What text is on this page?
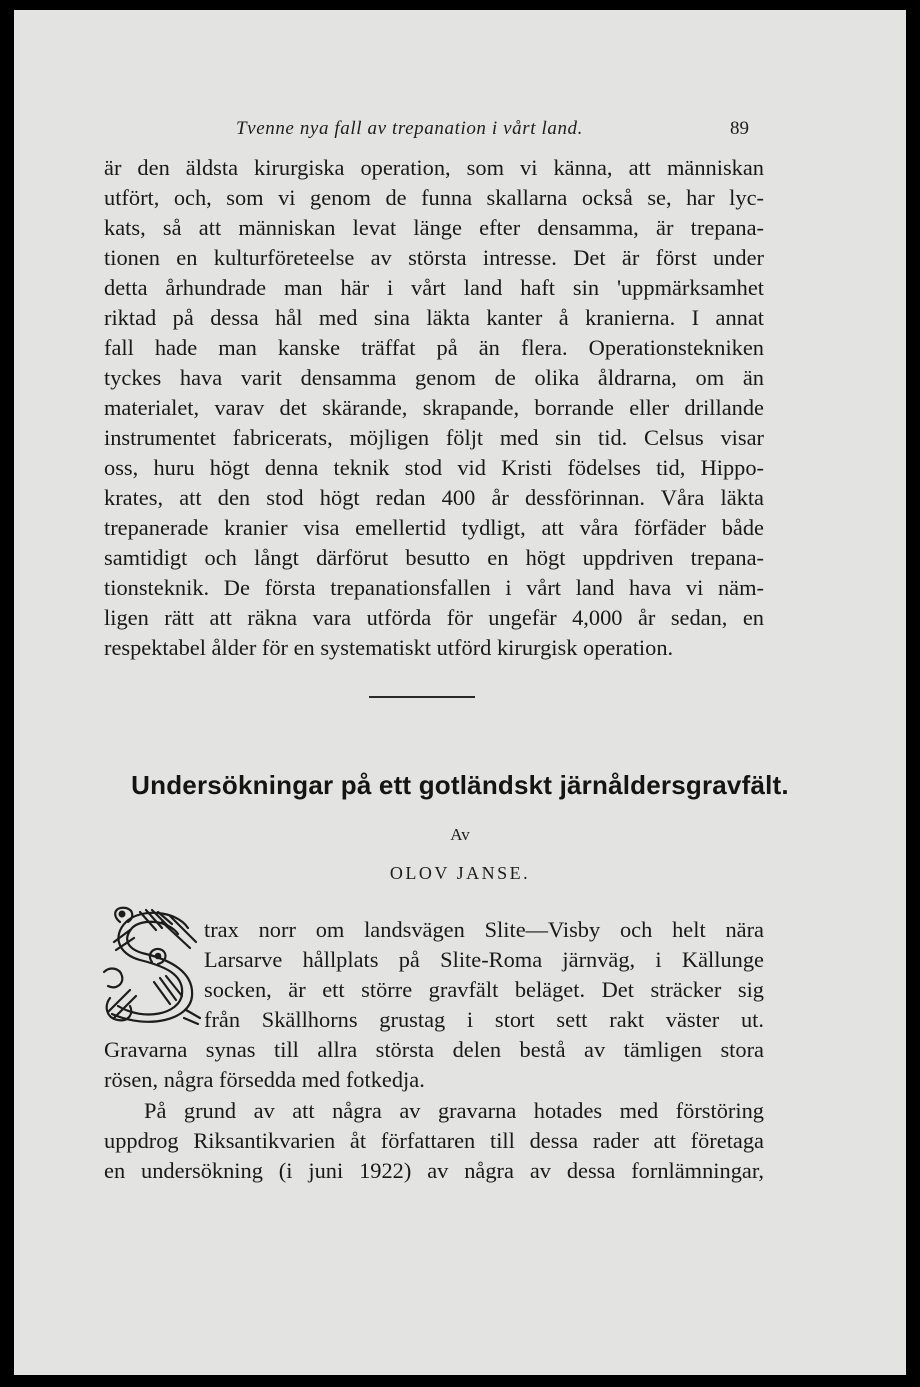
Tvenne nya fall av trepanation i vårt land.	89
är den äldsta kirurgiska operation, som vi känna, att människan
utfört, och, som vi genom de funna skallarna också se, har lyc-
kats, så att människan levat länge efter densamma, är trepana-
tionen en kulturföreteelse av största intresse. Det är först under
detta århundrade man här i vårt land haft sin 'uppmärksamhet
riktad på dessa hål med sina läkta kanter å kranierna. I annat
fall hade man kanske träffat på än flera. Operationstekniken
tyckes hava varit densamma genom de olika åldrarna, om än
materialet, varav det skärande, skrapande, borrande eller drillande
instrumentet fabricerats, möjligen följt med sin tid. Celsus visar
oss, huru högt denna teknik stod vid Kristi födelses tid, Hippo-
krates, att den stod högt redan 400 år dessförinnan. Våra läkta
trepanerade kranier visa emellertid tydligt, att våra förfäder både
samtidigt och långt därförut besutto en högt uppdriven trepana-
tionsteknik. De första trepanationsfallen i vårt land hava vi näm-
ligen rätt att räkna vara utförda för ungefär 4,000 år sedan, en
respektabel ålder för en systematiskt utförd kirurgisk operation.
Undersökningar på ett gotländskt järnåldersgravfält.
Av
OLOV JANSE.
trax norr om landsvägen Slite—Visby och helt nära
Larsarve hållplats på Slite-Roma järnväg, i Källunge
socken, är ett större gravfält beläget. Det sträcker sig
från Skällhorns grustag i stort sett rakt väster ut.
Gravarna synas till allra största delen bestå av tämligen stora
rösen, några försedda med fotkedja.
På grund av att några av gravarna hotades med förstöring
uppdrog Riksantikvarien åt författaren till dessa rader att företaga
en undersökning (i juni 1922) av några av dessa fornlämningar,
